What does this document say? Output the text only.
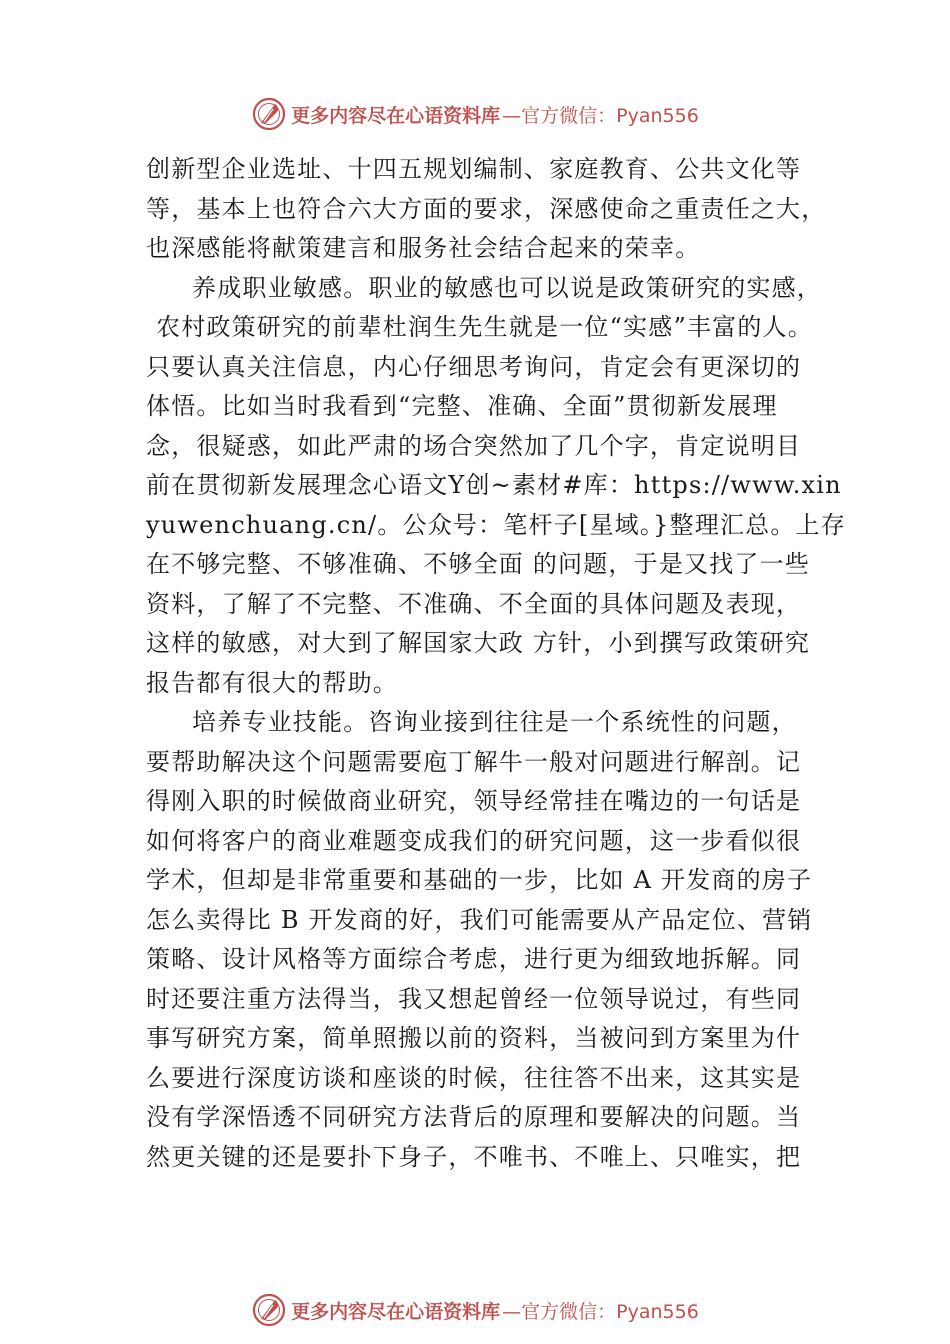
更多内容尽在心语资料库 —官方微信：Pyan556
创新型企业选址、十四五规划编制、家庭教育、公共文化等
等，基本上也符合六大方面的要求，深感使命之重责任之大，
也深感能将献策建言和服务社会结合起来的荣幸。
养成职业敏感。职业的敏感也可以说是政策研究的实感，
农村政策研究的前辈杜润生先生就是一位“实感”丰富的人。
只要认真关注信息，内心仔细思考询问，肯定会有更深切的
体悟。比如当时我看到“完整、准确、全面”贯彻新发展理
念，很疑惑，如此严肃的场合突然加了几个字，肯定说明目
前在贯彻新发展理念心语文Y创~素材#库：https://www.xin
yuwenchuang.cn/。公众号：笔杆子[星域。}整理汇总。上存
在不够完整、不够准确、不够全面 的问题，于是又找了一些
资料，了解了不完整、不准确、不全面的具体问题及表现，
这样的敏感，对大到了解国家大政 方针，小到撰写政策研究
报告都有很大的帮助。
培养专业技能。咨询业接到往往是一个系统性的问题，
要帮助解决这个问题需要庖丁解牛一般对问题进行解剖。记
得刚入职的时候做商业研究，领导经常挂在嘴边的一句话是
如何将客户的商业难题变成我们的研究问题，这一步看似很
学术，但却是非常重要和基础的一步，比如 A 开发商的房子
怎么卖得比 B 开发商的好，我们可能需要从产品定位、营销
策略、设计风格等方面综合考虑，进行更为细致地拆解。同
时还要注重方法得当，我又想起曾经一位领导说过，有些同
事写研究方案，简单照搬以前的资料，当被问到方案里为什
么要进行深度访谈和座谈的时候，往往答不出来，这其实是
没有学深悟透不同研究方法背后的原理和要解决的问题。当
然更关键的还是要扑下身子，不唯书、不唯上、只唯实，把
更多内容尽在心语资料库 —官方微信：Pyan556
